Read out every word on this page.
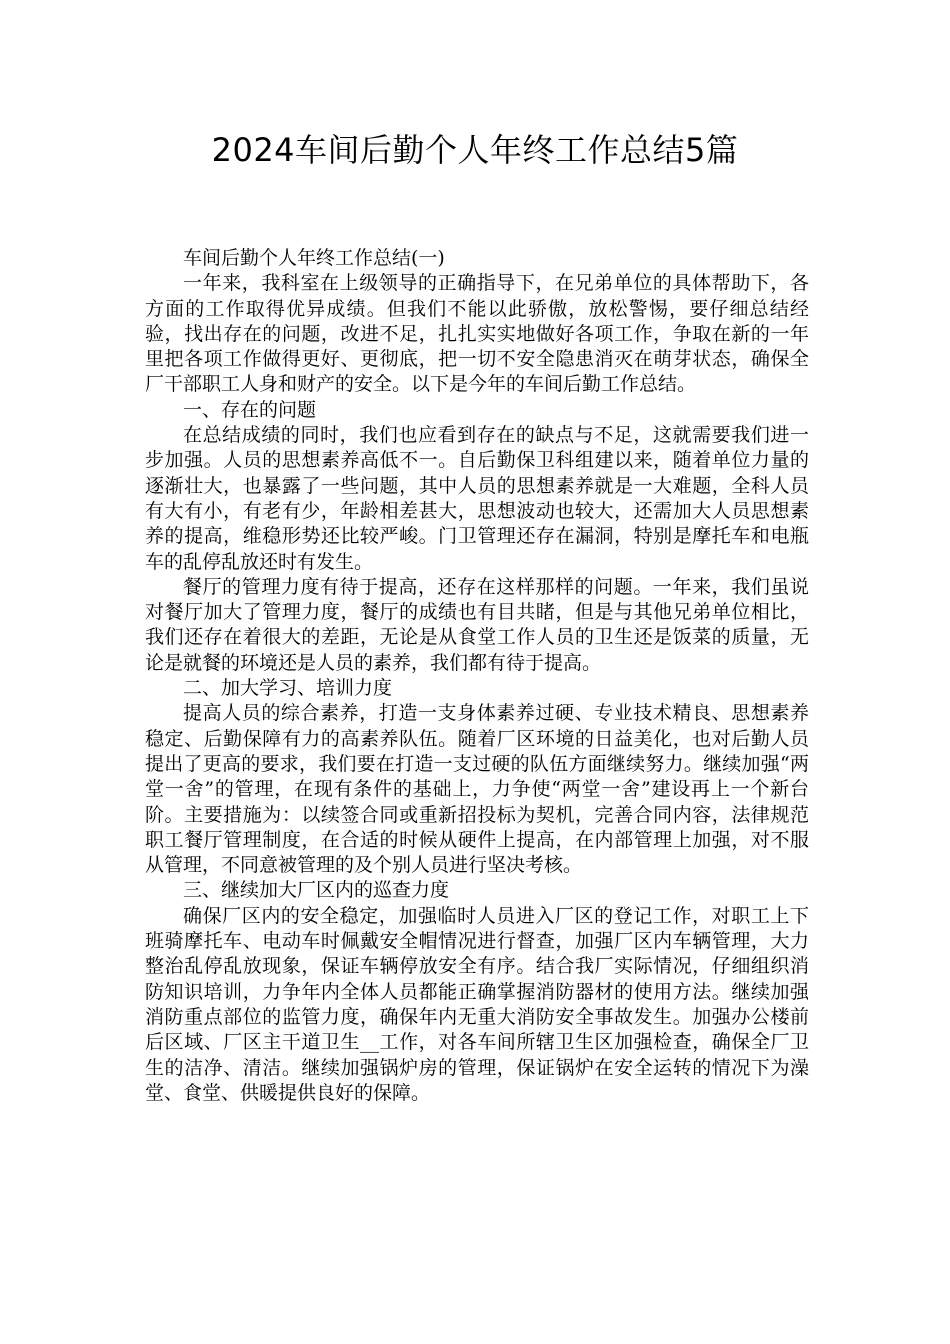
2024车间后勤个人年终工作总结5篇

车间后勤个人年终工作总结(一)

一年来，我科室在上级领导的正确指导下，在兄弟单位的具体帮助下，各方面的工作取得优异成绩。但我们不能以此骄傲，放松警惕，要仔细总结经验，找出存在的问题，改进不足，扎扎实实地做好各项工作，争取在新的一年里把各项工作做得更好、更彻底，把一切不安全隐患消灭在萌芽状态，确保全厂干部职工人身和财产的安全。以下是今年的车间后勤工作总结。

一、存在的问题

在总结成绩的同时，我们也应看到存在的缺点与不足，这就需要我们进一步加强。人员的思想素养高低不一。自后勤保卫科组建以来，随着单位力量的逐渐壮大，也暴露了一些问题，其中人员的思想素养就是一大难题，全科人员有大有小，有老有少，年龄相差甚大，思想波动也较大，还需加大人员思想素养的提高，维稳形势还比较严峻。门卫管理还存在漏洞，特别是摩托车和电瓶车的乱停乱放还时有发生。

餐厅的管理力度有待于提高，还存在这样那样的问题。一年来，我们虽说对餐厅加大了管理力度，餐厅的成绩也有目共睹，但是与其他兄弟单位相比，我们还存在着很大的差距，无论是从食堂工作人员的卫生还是饭菜的质量，无论是就餐的环境还是人员的素养，我们都有待于提高。

二、加大学习、培训力度

提高人员的综合素养，打造一支身体素养过硬、专业技术精良、思想素养稳定、后勤保障有力的高素养队伍。随着厂区环境的日益美化，也对后勤人员提出了更高的要求，我们要在打造一支过硬的队伍方面继续努力。继续加强“两堂一舍”的管理，在现有条件的基础上，力争使“两堂一舍”建设再上一个新台阶。主要措施为：以续签合同或重新招投标为契机，完善合同内容，法律规范职工餐厅管理制度，在合适的时候从硬件上提高，在内部管理上加强，对不服从管理，不同意被管理的及个别人员进行坚决考核。

三、继续加大厂区内的巡查力度

确保厂区内的安全稳定，加强临时人员进入厂区的登记工作，对职工上下班骑摩托车、电动车时佩戴安全帽情况进行督查，加强厂区内车辆管理，大力整治乱停乱放现象，保证车辆停放安全有序。结合我厂实际情况，仔细组织消防知识培训，力争年内全体人员都能正确掌握消防器材的使用方法。继续加强消防重点部位的监管力度，确保年内无重大消防安全事故发生。加强办公楼前后区域、厂区主干道卫生__工作，对各车间所辖卫生区加强检查，确保全厂卫生的洁净、清洁。继续加强锅炉房的管理，保证锅炉在安全运转的情况下为澡堂、食堂、供暖提供良好的保障。
